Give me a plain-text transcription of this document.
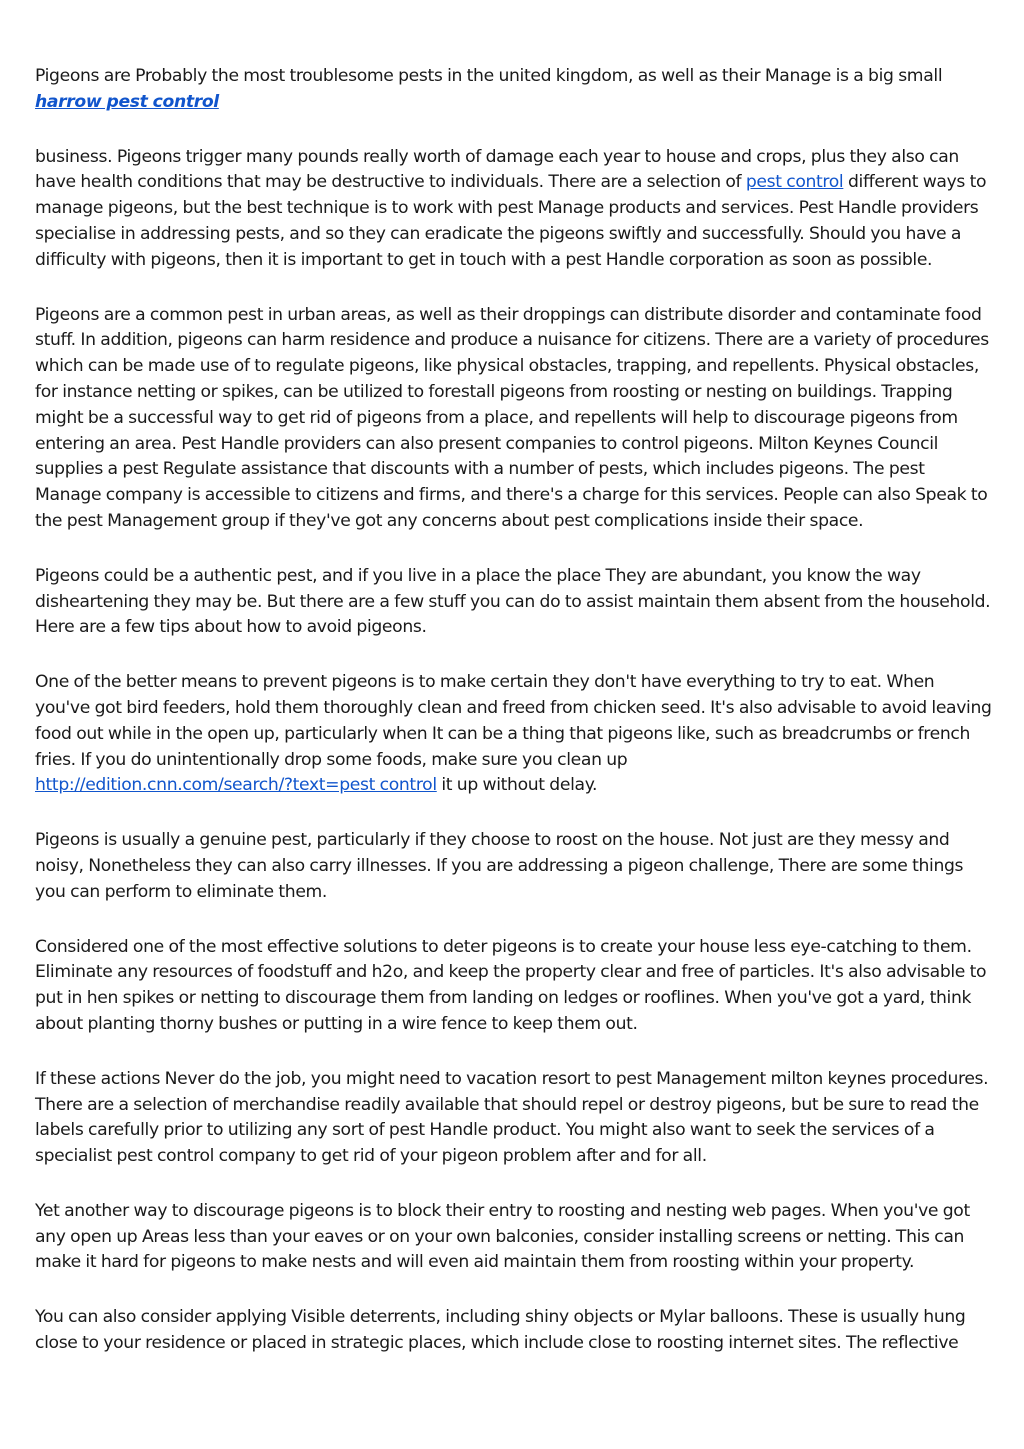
Pigeons are Probably the most troublesome pests in the united kingdom, as well as their Manage is a big small
harrow pest control

business. Pigeons trigger many pounds really worth of damage each year to house and crops, plus they also can have health conditions that may be destructive to individuals. There are a selection of pest control different ways to manage pigeons, but the best technique is to work with pest Manage products and services. Pest Handle providers specialise in addressing pests, and so they can eradicate the pigeons swiftly and successfully. Should you have a difficulty with pigeons, then it is important to get in touch with a pest Handle corporation as soon as possible.

Pigeons are a common pest in urban areas, as well as their droppings can distribute disorder and contaminate food stuff. In addition, pigeons can harm residence and produce a nuisance for citizens. There are a variety of procedures which can be made use of to regulate pigeons, like physical obstacles, trapping, and repellents. Physical obstacles, for instance netting or spikes, can be utilized to forestall pigeons from roosting or nesting on buildings. Trapping might be a successful way to get rid of pigeons from a place, and repellents will help to discourage pigeons from entering an area. Pest Handle providers can also present companies to control pigeons. Milton Keynes Council supplies a pest Regulate assistance that discounts with a number of pests, which includes pigeons. The pest Manage company is accessible to citizens and firms, and there's a charge for this services. People can also Speak to the pest Management group if they've got any concerns about pest complications inside their space.

Pigeons could be a authentic pest, and if you live in a place the place They are abundant, you know the way disheartening they may be. But there are a few stuff you can do to assist maintain them absent from the household. Here are a few tips about how to avoid pigeons.

One of the better means to prevent pigeons is to make certain they don't have everything to try to eat. When you've got bird feeders, hold them thoroughly clean and freed from chicken seed. It's also advisable to avoid leaving food out while in the open up, particularly when It can be a thing that pigeons like, such as breadcrumbs or french fries. If you do unintentionally drop some foods, make sure you clean up
http://edition.cnn.com/search/?text=pest control it up without delay.

Pigeons is usually a genuine pest, particularly if they choose to roost on the house. Not just are they messy and noisy, Nonetheless they can also carry illnesses. If you are addressing a pigeon challenge, There are some things you can perform to eliminate them.

Considered one of the most effective solutions to deter pigeons is to create your house less eye-catching to them. Eliminate any resources of foodstuff and h2o, and keep the property clear and free of particles. It's also advisable to put in hen spikes or netting to discourage them from landing on ledges or rooflines. When you've got a yard, think about planting thorny bushes or putting in a wire fence to keep them out.

If these actions Never do the job, you might need to vacation resort to pest Management milton keynes procedures. There are a selection of merchandise readily available that should repel or destroy pigeons, but be sure to read the labels carefully prior to utilizing any sort of pest Handle product. You might also want to seek the services of a specialist pest control company to get rid of your pigeon problem after and for all.

Yet another way to discourage pigeons is to block their entry to roosting and nesting web pages. When you've got any open up Areas less than your eaves or on your own balconies, consider installing screens or netting. This can make it hard for pigeons to make nests and will even aid maintain them from roosting within your property.

You can also consider applying Visible deterrents, including shiny objects or Mylar balloons. These is usually hung close to your residence or placed in strategic places, which include close to roosting internet sites. The reflective
